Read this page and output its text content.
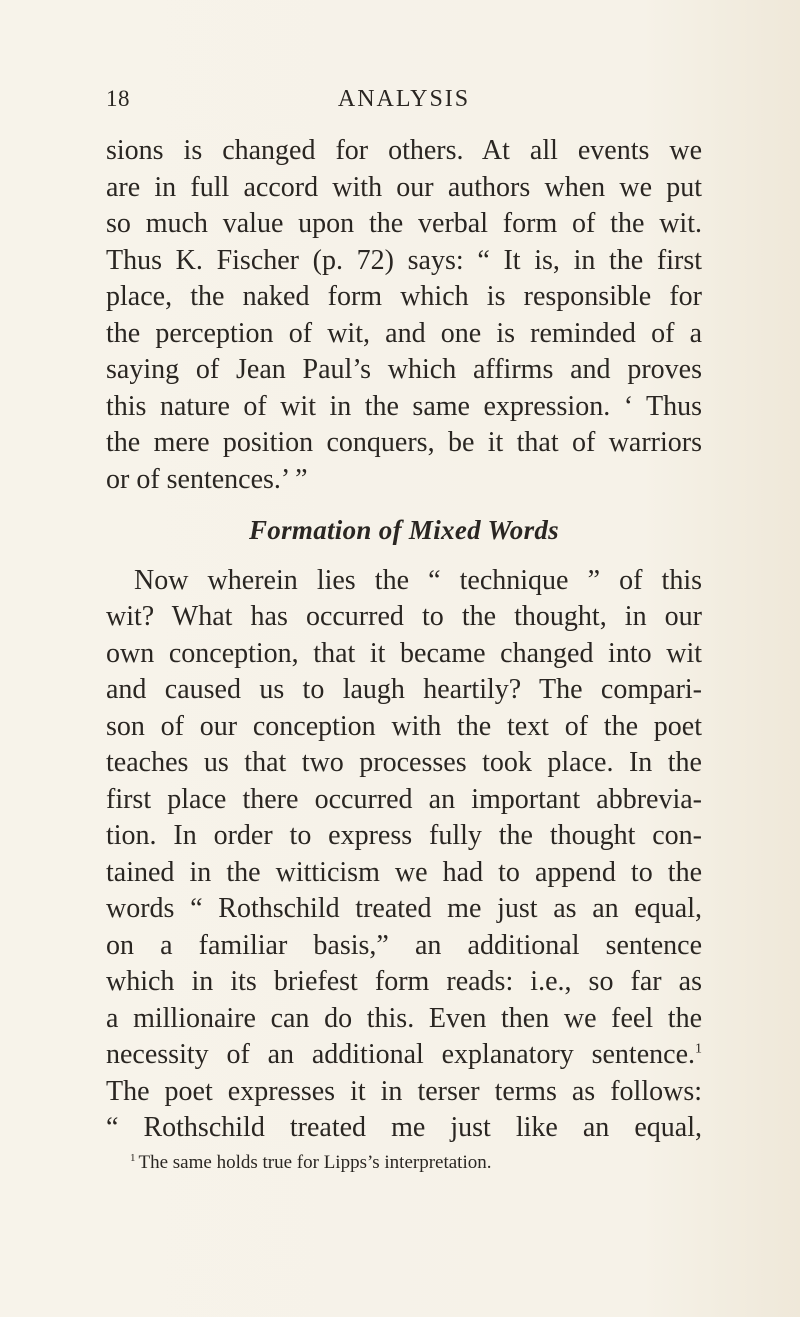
18	ANALYSIS
sions is changed for others. At all events we
are in full accord with our authors when we put
so much value upon the verbal form of the wit.
Thus K. Fischer (p. 72) says: “ It is, in the first
place, the naked form which is responsible for
the perception of wit, and one is reminded of a
saying of Jean Paul’s which affirms and proves
this nature of wit in the same expression. ‘ Thus
the mere position conquers, be it that of warriors
or of sentences.’ ”
Formation of Mixed Words
Now wherein lies the “ technique ” of this
wit? What has occurred to the thought, in our
own conception, that it became changed into wit
and caused us to laugh heartily? The compari-
son of our conception with the text of the poet
teaches us that two processes took place. In the
first place there occurred an important abbrevia-
tion. In order to express fully the thought con-
tained in the witticism we had to append to the
words “ Rothschild treated me just as an equal,
on a familiar basis,” an additional sentence
which in its briefest form reads: i.e., so far as
a millionaire can do this. Even then we feel the
necessity of an additional explanatory sentence.$^1$
The poet expresses it in terser terms as follows:
“ Rothschild treated me just like an equal,
$^1$ The same holds true for Lipps’s interpretation.
